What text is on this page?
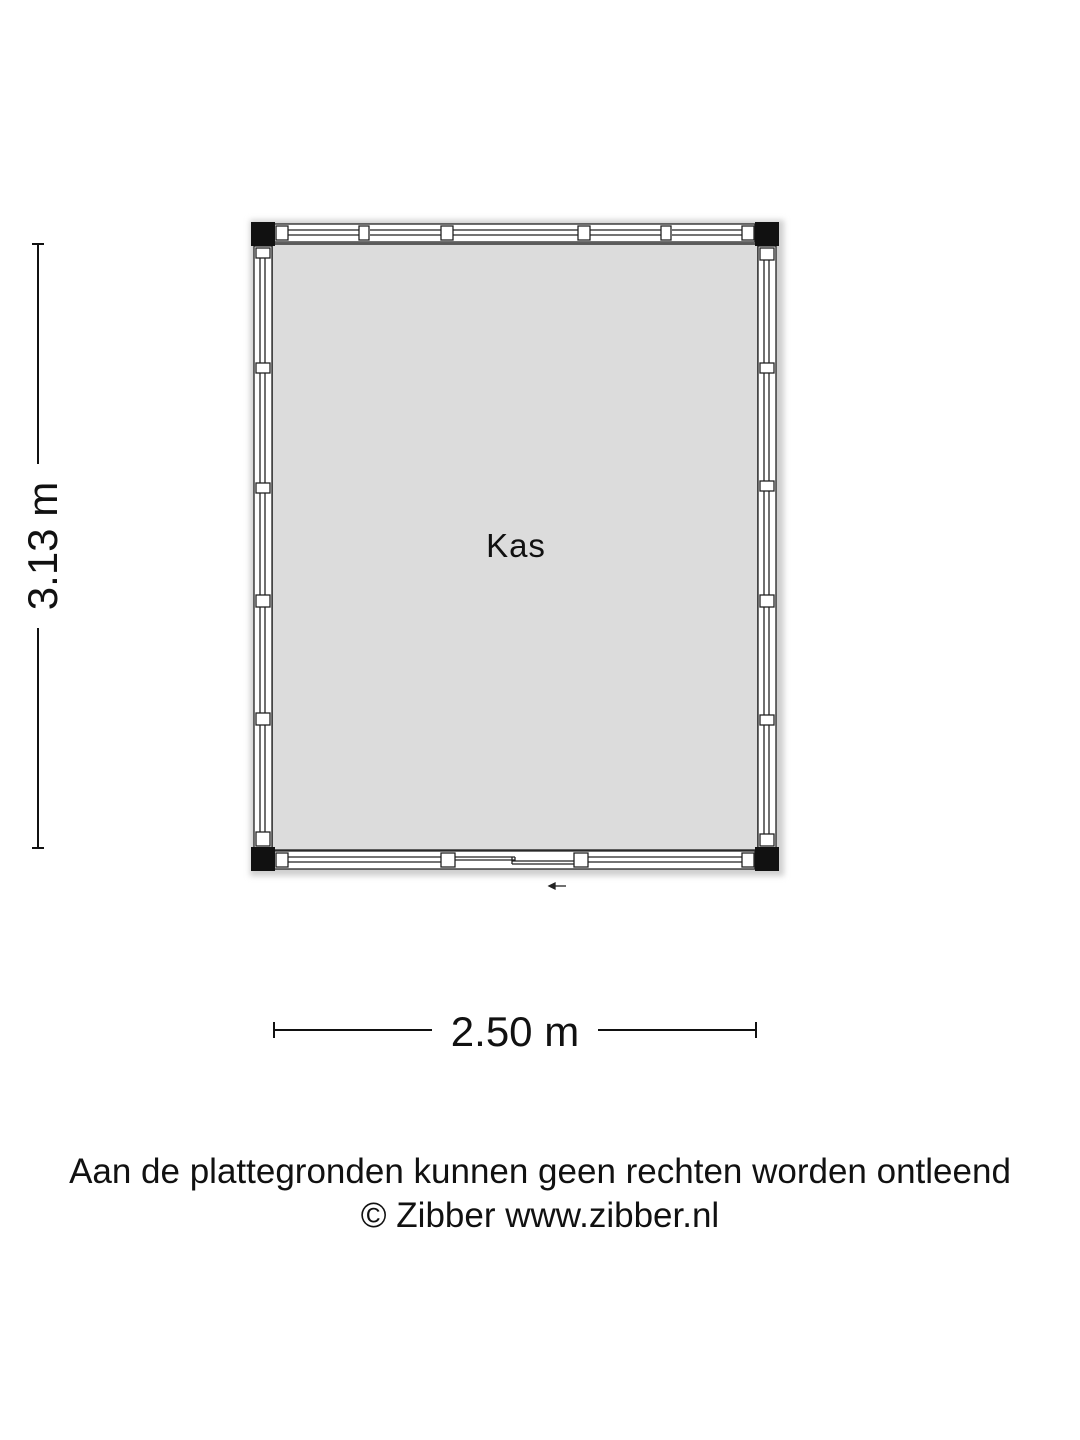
Kas
2.50 m
3.13 m
Aan de plattegronden kunnen geen rechten worden ontleend
© Zibber www.zibber.nl
